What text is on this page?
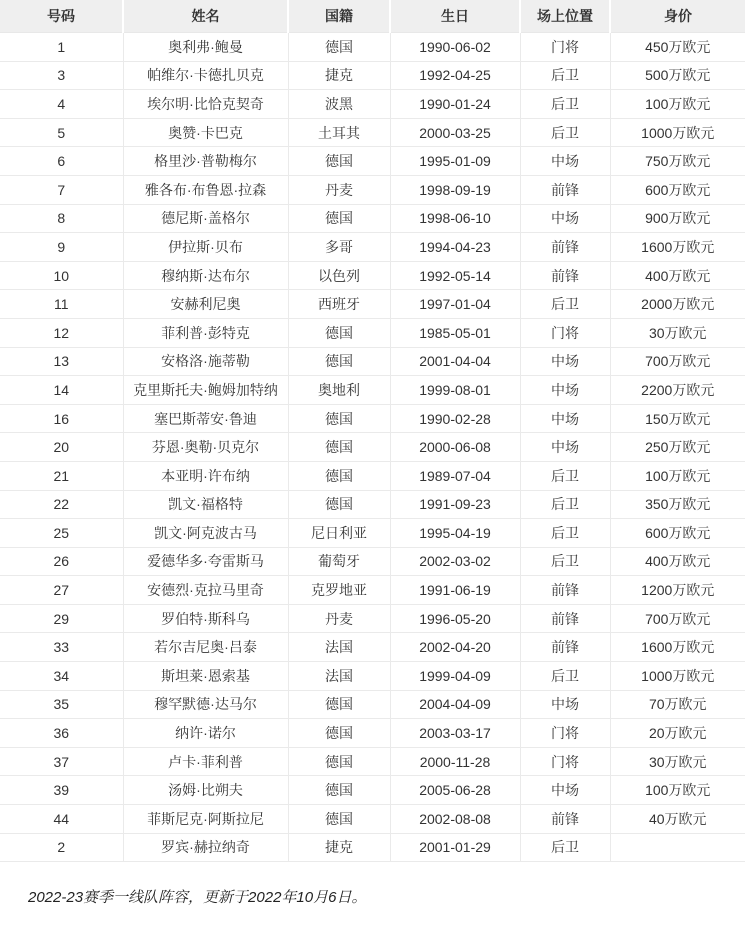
号码	姓名	国籍	生日	场上位置	身价
1	奥利弗·鲍曼	德国	1990-06-02	门将	450万欧元
3	帕维尔·卡德扎贝克	捷克	1992-04-25	后卫	500万欧元
4	埃尔明·比恰克契奇	波黑	1990-01-24	后卫	100万欧元
5	奥赞·卡巴克	土耳其	2000-03-25	后卫	1000万欧元
6	格里沙·普勒梅尔	德国	1995-01-09	中场	750万欧元
7	雅各布·布鲁恩·拉森	丹麦	1998-09-19	前锋	600万欧元
8	德尼斯·盖格尔	德国	1998-06-10	中场	900万欧元
9	伊拉斯·贝布	多哥	1994-04-23	前锋	1600万欧元
10	穆纳斯·达布尔	以色列	1992-05-14	前锋	400万欧元
11	安赫利尼奥	西班牙	1997-01-04	后卫	2000万欧元
12	菲利普·彭特克	德国	1985-05-01	门将	30万欧元
13	安格洛·施蒂勒	德国	2001-04-04	中场	700万欧元
14	克里斯托夫·鲍姆加特纳	奥地利	1999-08-01	中场	2200万欧元
16	塞巴斯蒂安·鲁迪	德国	1990-02-28	中场	150万欧元
20	芬恩·奥勒·贝克尔	德国	2000-06-08	中场	250万欧元
21	本亚明·许布纳	德国	1989-07-04	后卫	100万欧元
22	凯文·福格特	德国	1991-09-23	后卫	350万欧元
25	凯文·阿克波古马	尼日利亚	1995-04-19	后卫	600万欧元
26	爱德华多·夸雷斯马	葡萄牙	2002-03-02	后卫	400万欧元
27	安德烈·克拉马里奇	克罗地亚	1991-06-19	前锋	1200万欧元
29	罗伯特·斯科乌	丹麦	1996-05-20	前锋	700万欧元
33	若尔吉尼奥·吕泰	法国	2002-04-20	前锋	1600万欧元
34	斯坦莱·恩索基	法国	1999-04-09	后卫	1000万欧元
35	穆罕默德·达马尔	德国	2004-04-09	中场	70万欧元
36	纳许·诺尔	德国	2003-03-17	门将	20万欧元
37	卢卡·菲利普	德国	2000-11-28	门将	30万欧元
39	汤姆·比朔夫	德国	2005-06-28	中场	100万欧元
44	菲斯尼克·阿斯拉尼	德国	2002-08-08	前锋	40万欧元
2	罗宾·赫拉纳奇	捷克	2001-01-29	后卫	

2022-23赛季一线队阵容，更新于2022年10月6日。
